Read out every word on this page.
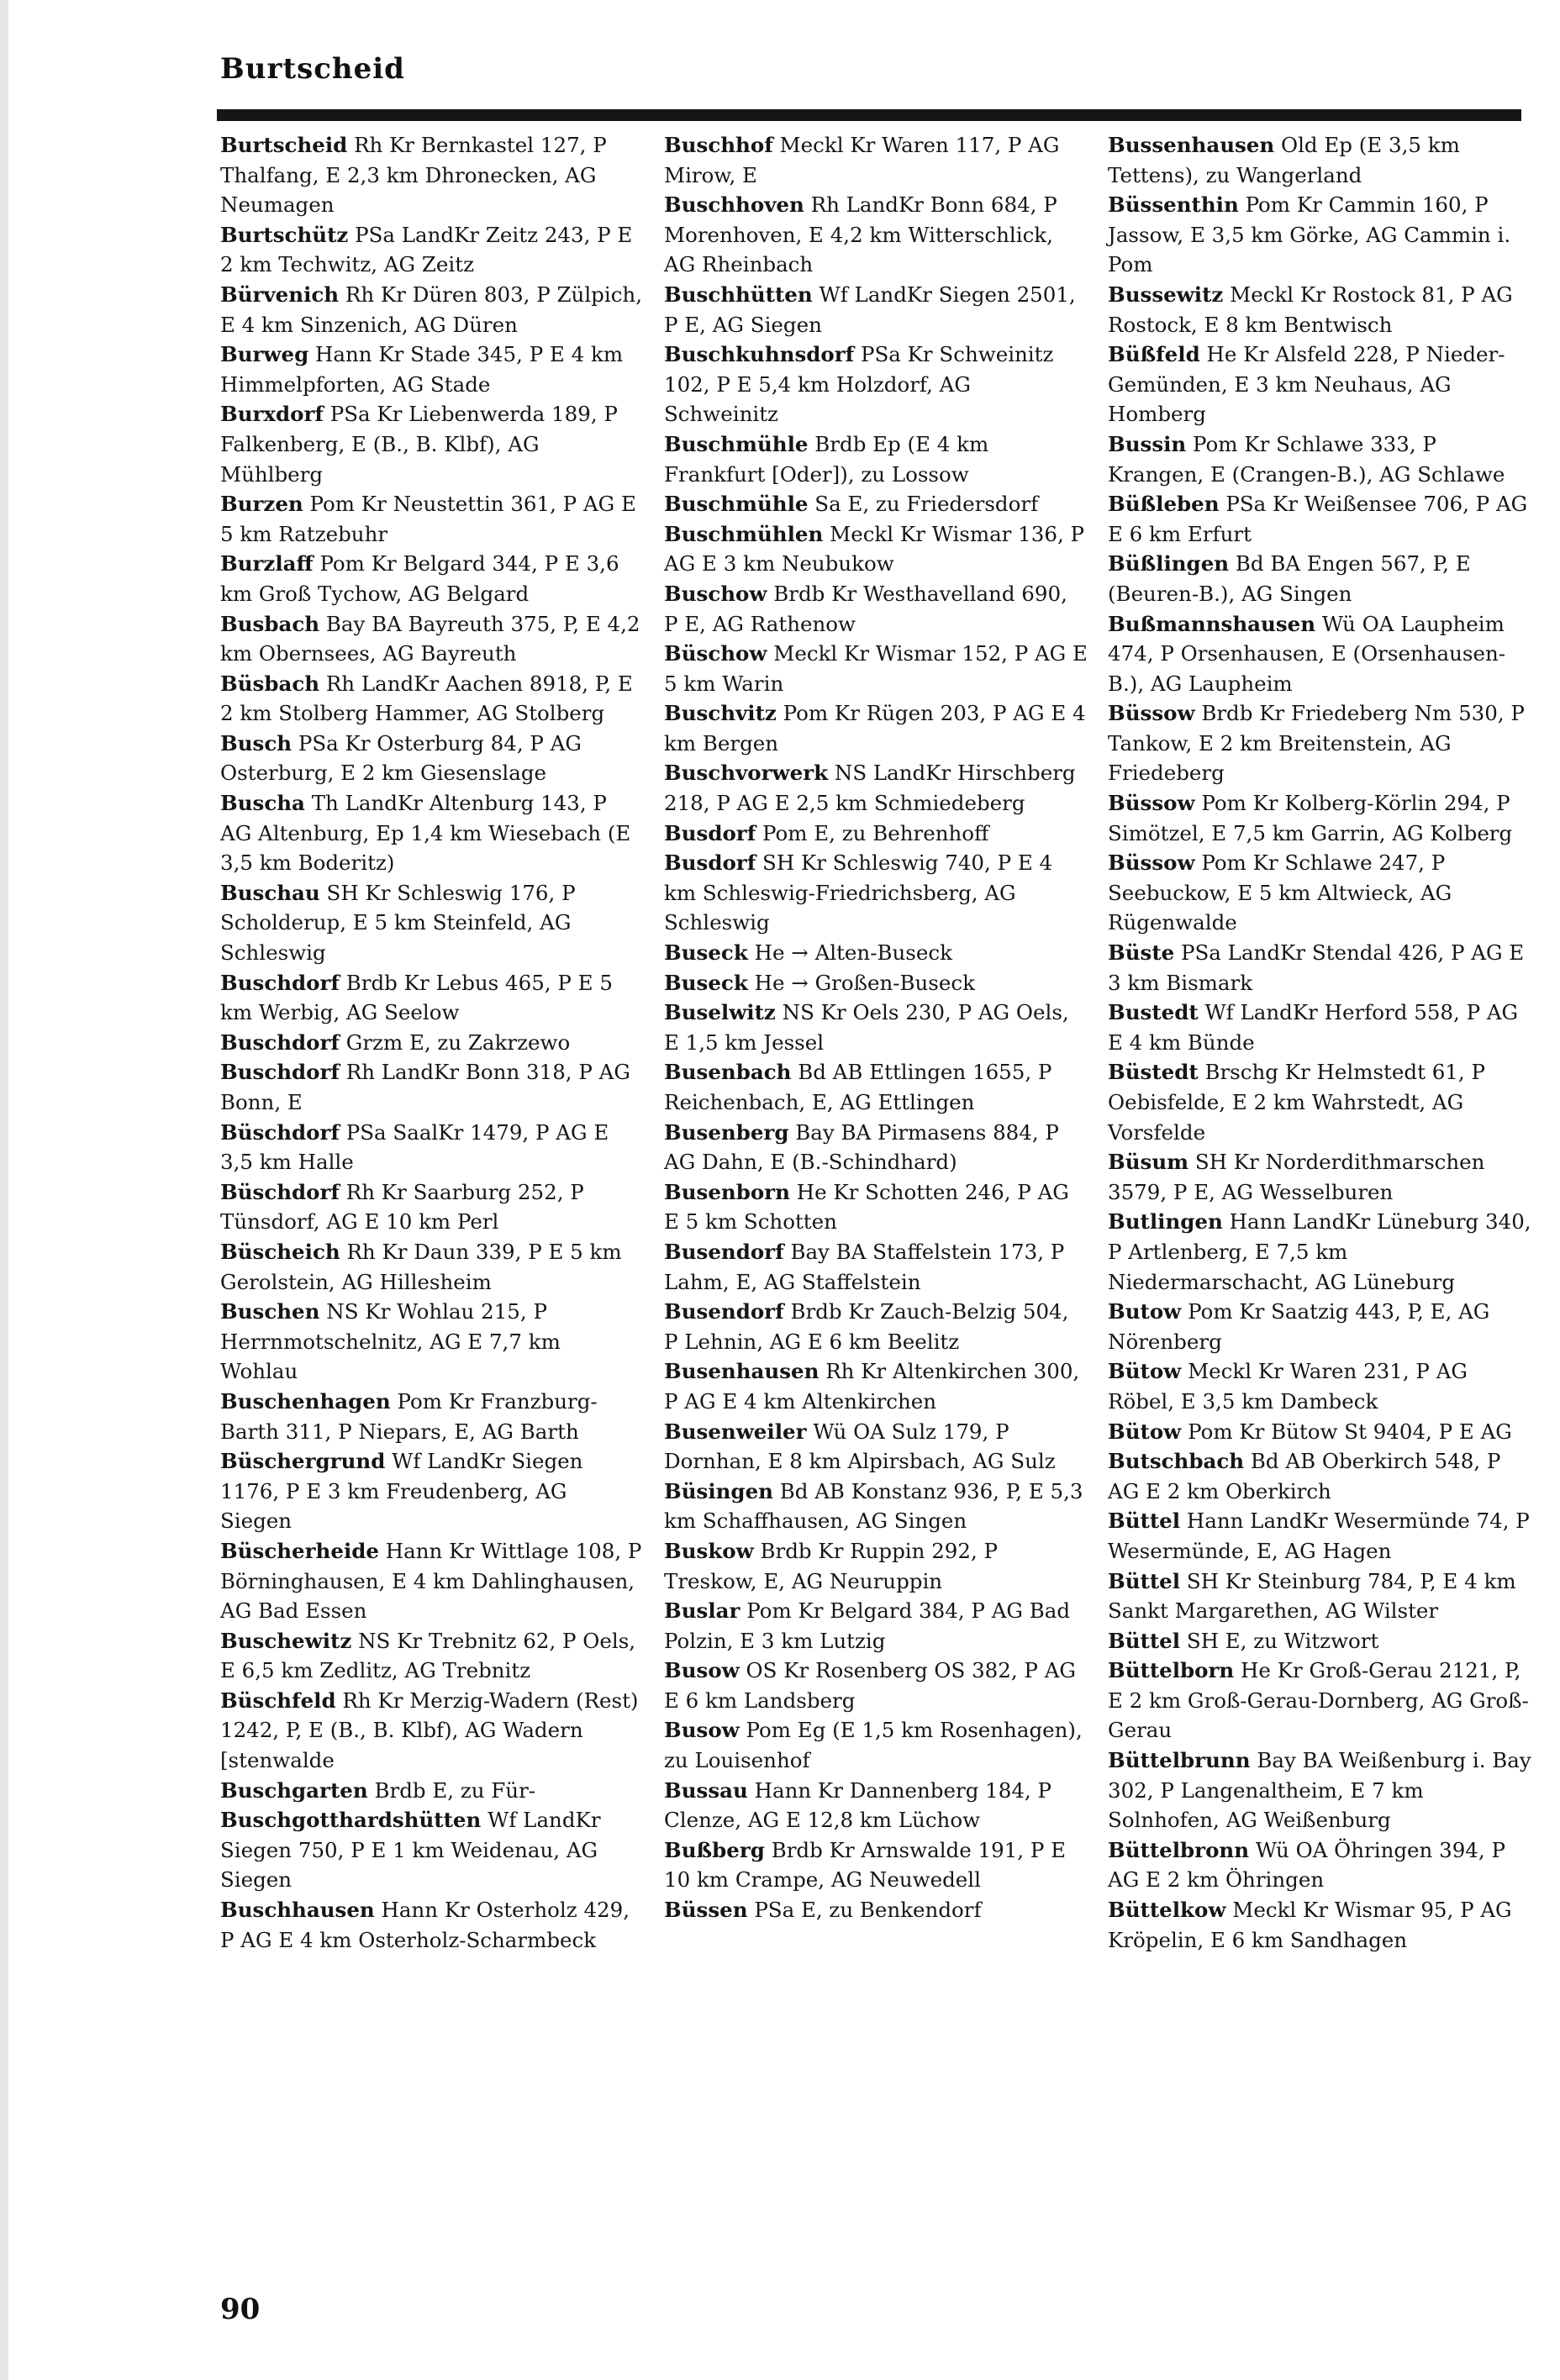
Burtscheid
Burtscheid Rh Kr Bernkastel 127, P Thalfang, E 2,3 km Dhronecken, AG Neumagen
Burtschütz PSa LandKr Zeitz 243, P E 2 km Techwitz, AG Zeitz
Bürvenich Rh Kr Düren 803, P Zülpich, E 4 km Sinzenich, AG Düren
Burweg Hann Kr Stade 345, P E 4 km Himmelpforten, AG Stade
Burxdorf PSa Kr Liebenwerda 189, P Falkenberg, E (B., B. Klbf), AG Mühlberg
Burzen Pom Kr Neustettin 361, P AG E 5 km Ratzebuhr
Burzlaff Pom Kr Belgard 344, P E 3,6 km Groß Tychow, AG Belgard
Busbach Bay BA Bayreuth 375, P, E 4,2 km Obernsees, AG Bayreuth
Büsbach Rh LandKr Aachen 8918, P, E 2 km Stolberg Hammer, AG Stolberg
Busch PSa Kr Osterburg 84, P AG Osterburg, E 2 km Giesenslage
Buscha Th LandKr Altenburg 143, P AG Altenburg, Ep 1,4 km Wiesebach (E 3,5 km Boderitz)
Buschau SH Kr Schleswig 176, P Scholderup, E 5 km Steinfeld, AG Schleswig
Buschdorf Brdb Kr Lebus 465, P E 5 km Werbig, AG Seelow
Buschdorf Grzm E, zu Zakrzewo
Buschdorf Rh LandKr Bonn 318, P AG Bonn, E
Büschdorf PSa SaalKr 1479, P AG E 3,5 km Halle
Büschdorf Rh Kr Saarburg 252, P Tünsdorf, AG E 10 km Perl
Büscheich Rh Kr Daun 339, P E 5 km Gerolstein, AG Hillesheim
Buschen NS Kr Wohlau 215, P Herrnmotschelnitz, AG E 7,7 km Wohlau
Buschenhagen Pom Kr Franzburg-Barth 311, P Niepars, E, AG Barth
Büschergrund Wf LandKr Siegen 1176, P E 3 km Freudenberg, AG Siegen
Büscherheide Hann Kr Wittlage 108, P Börninghausen, E 4 km Dahlinghausen, AG Bad Essen
Buschewitz NS Kr Trebnitz 62, P Oels, E 6,5 km Zedlitz, AG Trebnitz
Büschfeld Rh Kr Merzig-Wadern (Rest) 1242, P, E (B., B. Klbf), AG Wadern [stenwalde
Buschgarten Brdb E, zu Für-
Buschgotthardshütten Wf LandKr Siegen 750, P E 1 km Weidenau, AG Siegen
Buschhausen Hann Kr Osterholz 429, P AG E 4 km Osterholz-Scharmbeck
Buschhof Meckl Kr Waren 117, P AG Mirow, E
Buschhoven Rh LandKr Bonn 684, P Morenhoven, E 4,2 km Witterschlick, AG Rheinbach
Buschhütten Wf LandKr Siegen 2501, P E, AG Siegen
Buschkuhnsdorf PSa Kr Schweinitz 102, P E 5,4 km Holzdorf, AG Schweinitz
Buschmühle Brdb Ep (E 4 km Frankfurt [Oder]), zu Lossow
Buschmühle Sa E, zu Friedersdorf
Buschmühlen Meckl Kr Wismar 136, P AG E 3 km Neubukow
Buschow Brdb Kr Westhavelland 690, P E, AG Rathenow
Büschow Meckl Kr Wismar 152, P AG E 5 km Warin
Buschvitz Pom Kr Rügen 203, P AG E 4 km Bergen
Buschvorwerk NS LandKr Hirschberg 218, P AG E 2,5 km Schmiedeberg
Busdorf Pom E, zu Behrenhoff
Busdorf SH Kr Schleswig 740, P E 4 km Schleswig-Friedrichsberg, AG Schleswig
Buseck He → Alten-Buseck
Buseck He → Großen-Buseck
Buselwitz NS Kr Oels 230, P AG Oels, E 1,5 km Jessel
Busenbach Bd AB Ettlingen 1655, P Reichenbach, E, AG Ettlingen
Busenberg Bay BA Pirmasens 884, P AG Dahn, E (B.-Schindhard)
Busenborn He Kr Schotten 246, P AG E 5 km Schotten
Busendorf Bay BA Staffelstein 173, P Lahm, E, AG Staffelstein
Busendorf Brdb Kr Zauch-Belzig 504, P Lehnin, AG E 6 km Beelitz
Busenhausen Rh Kr Altenkirchen 300, P AG E 4 km Altenkirchen
Busenweiler Wü OA Sulz 179, P Dornhan, E 8 km Alpirsbach, AG Sulz
Büsingen Bd AB Konstanz 936, P, E 5,3 km Schaffhausen, AG Singen
Buskow Brdb Kr Ruppin 292, P Treskow, E, AG Neuruppin
Buslar Pom Kr Belgard 384, P AG Bad Polzin, E 3 km Lutzig
Busow OS Kr Rosenberg OS 382, P AG E 6 km Landsberg
Busow Pom Eg (E 1,5 km Rosenhagen), zu Louisenhof
Bussau Hann Kr Dannenberg 184, P Clenze, AG E 12,8 km Lüchow
Bußberg Brdb Kr Arnswalde 191, P E 10 km Crampe, AG Neuwedell
Büssen PSa E, zu Benkendorf
Bussenhausen Old Ep (E 3,5 km Tettens), zu Wangerland
Büssenthin Pom Kr Cammin 160, P Jassow, E 3,5 km Görke, AG Cammin i. Pom
Bussewitz Meckl Kr Rostock 81, P AG Rostock, E 8 km Bentwisch
Büßfeld He Kr Alsfeld 228, P Nieder-Gemünden, E 3 km Neuhaus, AG Homberg
Bussin Pom Kr Schlawe 333, P Krangen, E (Crangen-B.), AG Schlawe
Büßleben PSa Kr Weißensee 706, P AG E 6 km Erfurt
Büßlingen Bd BA Engen 567, P, E (Beuren-B.), AG Singen
Bußmannshausen Wü OA Laupheim 474, P Orsenhausen, E (Orsenhausen-B.), AG Laupheim
Büssow Brdb Kr Friedeberg Nm 530, P Tankow, E 2 km Breitenstein, AG Friedeberg
Büssow Pom Kr Kolberg-Körlin 294, P Simötzel, E 7,5 km Garrin, AG Kolberg
Büssow Pom Kr Schlawe 247, P Seebuckow, E 5 km Altwieck, AG Rügenwalde
Büste PSa LandKr Stendal 426, P AG E 3 km Bismark
Bustedt Wf LandKr Herford 558, P AG E 4 km Bünde
Büstedt Brschg Kr Helmstedt 61, P Oebisfelde, E 2 km Wahrstedt, AG Vorsfelde
Büsum SH Kr Norderdithmarschen 3579, P E, AG Wesselburen
Butlingen Hann LandKr Lüneburg 340, P Artlenberg, E 7,5 km Niedermarschacht, AG Lüneburg
Butow Pom Kr Saatzig 443, P, E, AG Nörenberg
Bütow Meckl Kr Waren 231, P AG Röbel, E 3,5 km Dambeck
Bütow Pom Kr Bütow St 9404, P E AG
Butschbach Bd AB Oberkirch 548, P AG E 2 km Oberkirch
Büttel Hann LandKr Wesermünde 74, P Wesermünde, E, AG Hagen
Büttel SH Kr Steinburg 784, P, E 4 km Sankt Margarethen, AG Wilster
Büttel SH E, zu Witzwort
Büttelborn He Kr Groß-Gerau 2121, P, E 2 km Groß-Gerau-Dornberg, AG Groß-Gerau
Büttelbrunn Bay BA Weißenburg i. Bay 302, P Langenaltheim, E 7 km Solnhofen, AG Weißenburg
Büttelbronn Wü OA Öhringen 394, P AG E 2 km Öhringen
Büttelkow Meckl Kr Wismar 95, P AG Kröpelin, E 6 km Sandhagen
90
